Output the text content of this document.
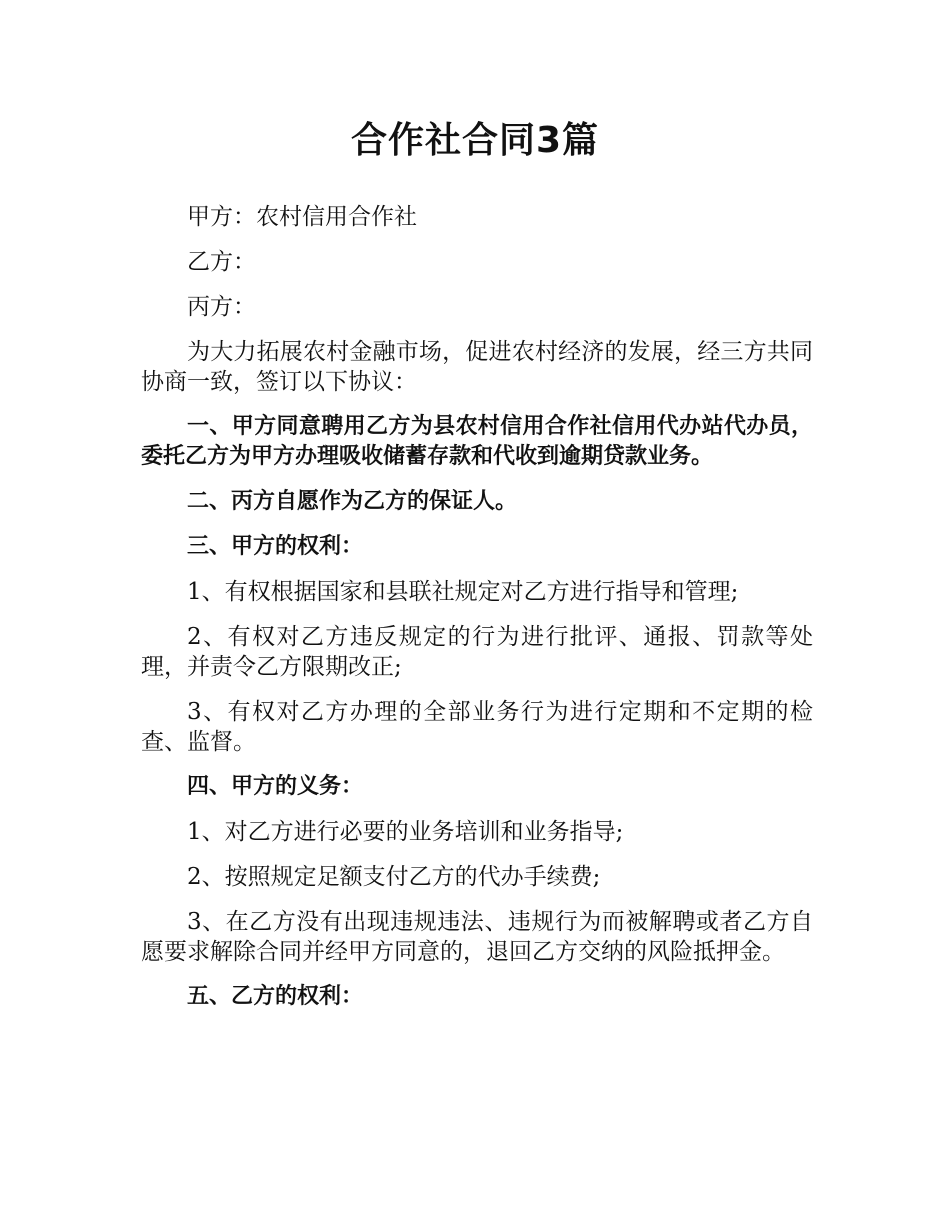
合作社合同3篇

甲方：农村信用合作社

乙方：

丙方：

为大力拓展农村金融市场，促进农村经济的发展，经三方共同协商一致，签订以下协议：

一、甲方同意聘用乙方为县农村信用合作社信用代办站代办员，委托乙方为甲方办理吸收储蓄存款和代收到逾期贷款业务。

二、丙方自愿作为乙方的保证人。

三、甲方的权利：

1、有权根据国家和县联社规定对乙方进行指导和管理;

2、有权对乙方违反规定的行为进行批评、通报、罚款等处理，并责令乙方限期改正;

3、有权对乙方办理的全部业务行为进行定期和不定期的检查、监督。

四、甲方的义务：

1、对乙方进行必要的业务培训和业务指导;

2、按照规定足额支付乙方的代办手续费;

3、在乙方没有出现违规违法、违规行为而被解聘或者乙方自愿要求解除合同并经甲方同意的，退回乙方交纳的风险抵押金。

五、乙方的权利：
